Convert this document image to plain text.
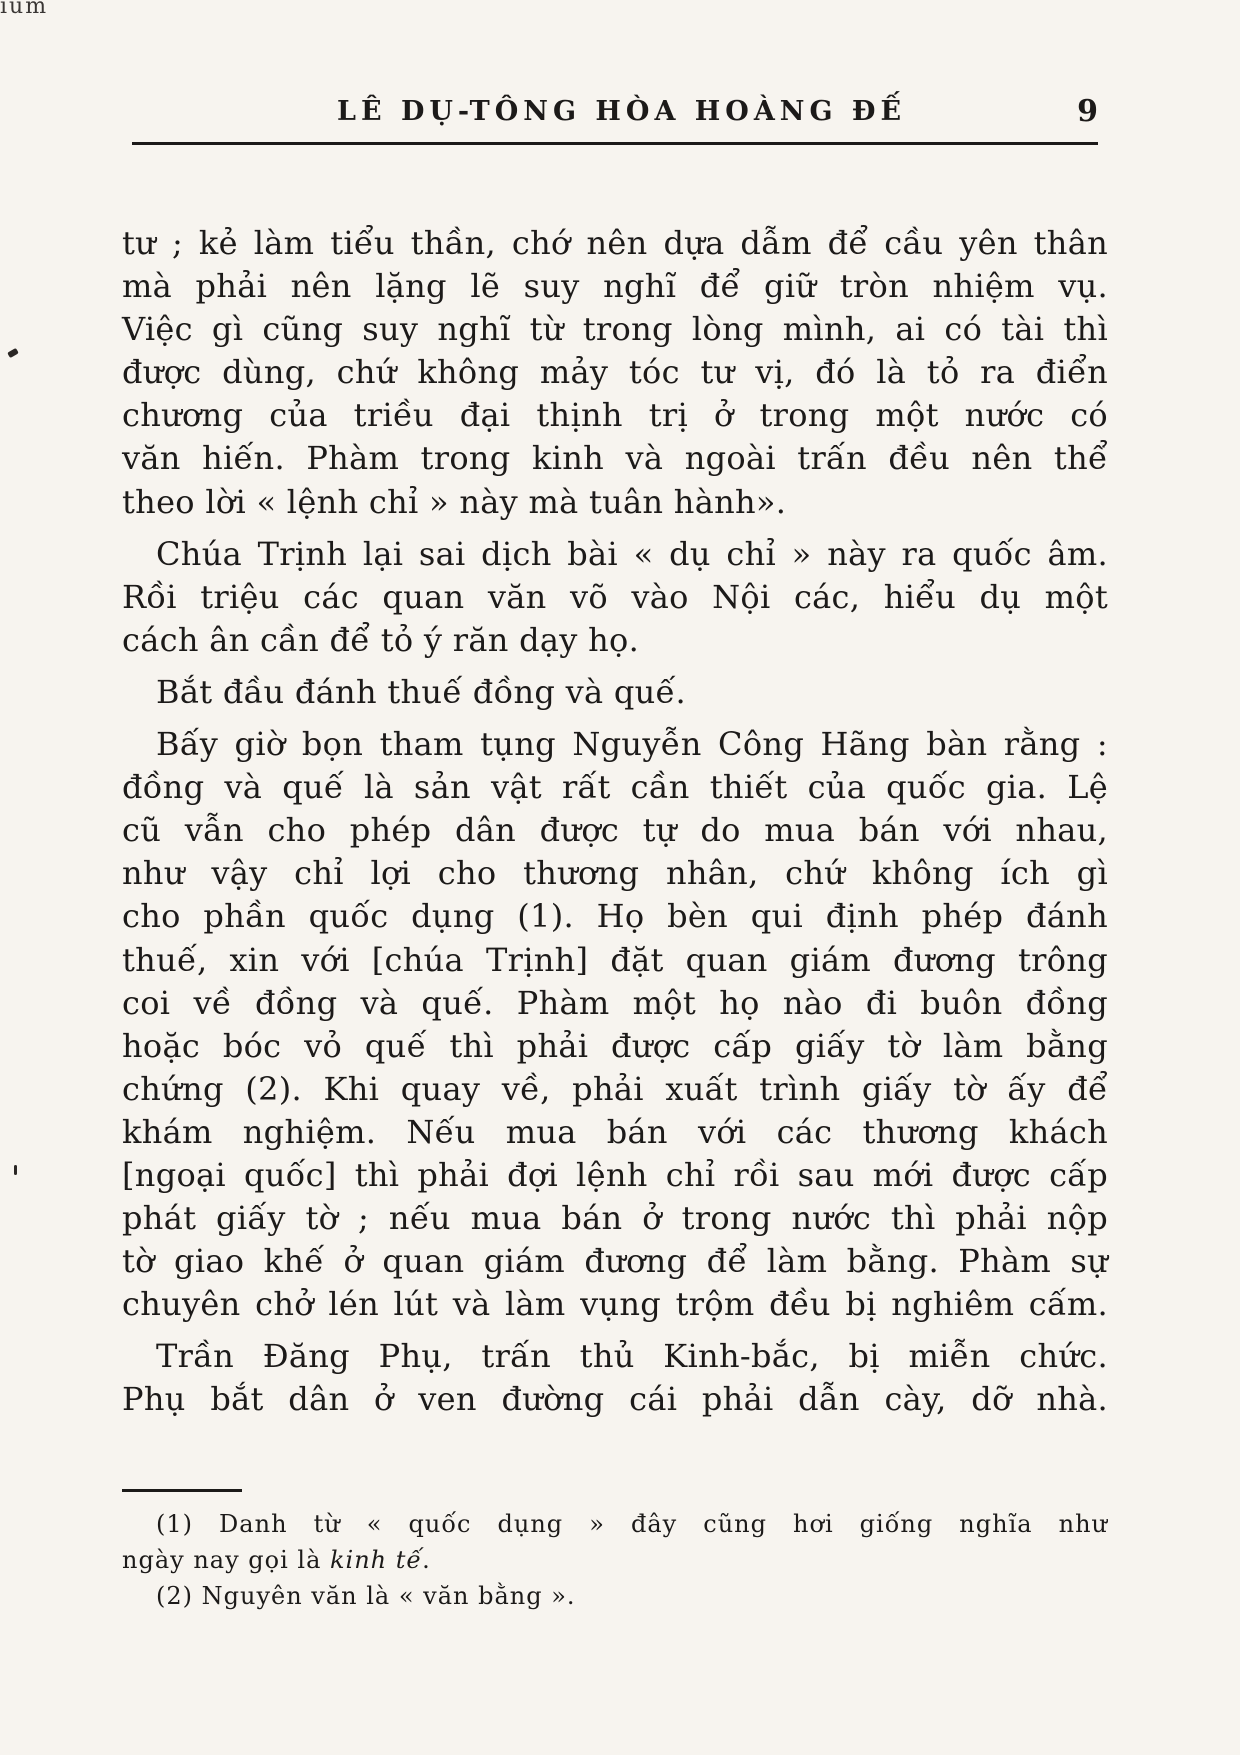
ıum
LÊ DỤ-TÔNG HÒA HOÀNG ĐẾ	9
tư ; kẻ làm tiểu thần, chớ nên dựa dẫm để cầu yên thân
mà phải nên lặng lẽ suy nghĩ để giữ tròn nhiệm vụ.
Việc gì cũng suy nghĩ từ trong lòng mình, ai có tài thì
được dùng, chứ không mảy tóc tư vị, đó là tỏ ra điển
chương của triều đại thịnh trị ở trong một nước có
văn hiến. Phàm trong kinh và ngoài trấn đều nên thể
theo lời « lệnh chỉ » này mà tuân hành».
Chúa Trịnh lại sai dịch bài « dụ chỉ » này ra quốc âm.
Rồi triệu các quan văn võ vào Nội các, hiểu dụ một
cách ân cần để tỏ ý răn dạy họ.
Bắt đầu đánh thuế đồng và quế.
Bấy giờ bọn tham tụng Nguyễn Công Hãng bàn rằng :
đồng và quế là sản vật rất cần thiết của quốc gia. Lệ
cũ vẫn cho phép dân được tự do mua bán với nhau,
như vậy chỉ lợi cho thương nhân, chứ không ích gì
cho phần quốc dụng (1). Họ bèn qui định phép đánh
thuế, xin với [chúa Trịnh] đặt quan giám đương trông
coi về đồng và quế. Phàm một họ nào đi buôn đồng
hoặc bóc vỏ quế thì phải được cấp giấy tờ làm bằng
chứng (2). Khi quay về, phải xuất trình giấy tờ ấy để
khám nghiệm. Nếu mua bán với các thương khách
[ngoại quốc] thì phải đợi lệnh chỉ rồi sau mới được cấp
phát giấy tờ ; nếu mua bán ở trong nước thì phải nộp
tờ giao khế ở quan giám đương để làm bằng. Phàm sự
chuyên chở lén lút và làm vụng trộm đều bị nghiêm cấm.
Trần Đăng Phụ, trấn thủ Kinh-bắc, bị miễn chức.
Phụ bắt dân ở ven đường cái phải dẫn cày, dỡ nhà.
(1) Danh từ « quốc dụng » đây cũng hơi giống nghĩa như
ngày nay gọi là kinh tế.
(2) Nguyên văn là « văn bằng ».
